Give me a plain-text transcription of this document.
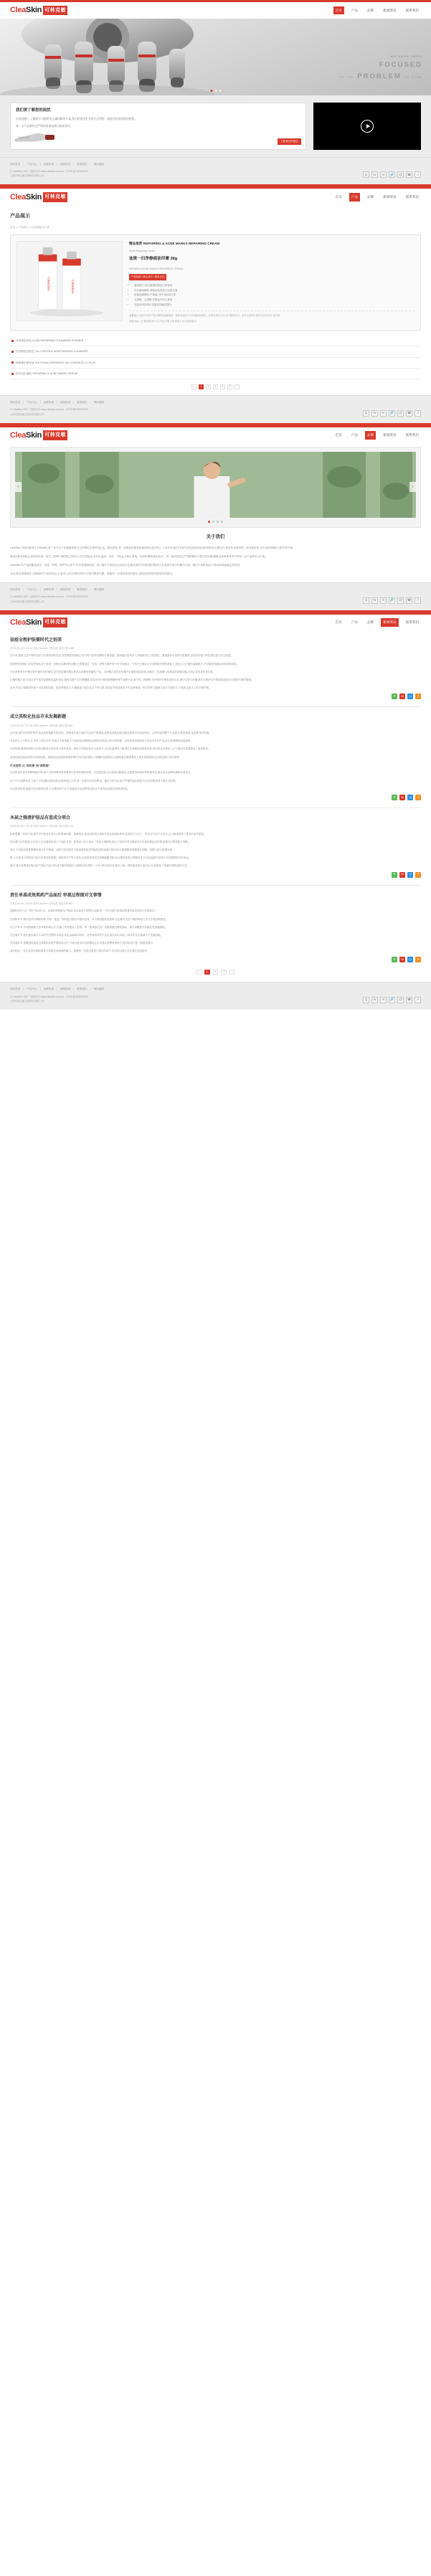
CleaSkin 可林克敏	首页	产品	品牌	新闻资讯	联系我们
WE HAVE BEEN
FOCUSED
ON THE PROBLEM OF ACNE
我们要了解您的困扰

皮肤问题上,了解您才可能给出正确的解决方案,我们希望用专业的方式和您一起面对痘痘肌肤的困扰。

每一支产品都经过严格的质量检测与临床验证。

SAME OLD
了解我们的理念
网站首页 | 产品中心 | 品牌故事 | 新闻资讯 | 联系我们 | 网站地图
© CleaSkin 2017 · 版权所有 www.cleaskin.com.cn · 沪ICP备00000000号
上海可林克敏生物科技有限公司	Q	W	✉	🔗	@	☎	↗
CleaSkin 可林克敏	首页	产品	品牌	新闻资讯	联系我们
产品展示
首页 > 产品展示 > 祛痘修复类产品
CleaSkin	CleaSkin
精品推荐 REPAIRING & ACNE MARKS REPAIRING CREAM
Acne Repairing Cream
祛斑一扫净修痕祛印膏 30g
REPAIR & ACNE MARKS REPAIRING CREAM
产品优势 / 核心成分 / 使用方法
• 温和配方,适合敏感性肌肤日常使用
• 含有植物精粹,帮助淡化痘痕与色素沉着
• 快速渗透吸收,不黏腻,可作为妆前打底
• 无酒精、无香精,孕期也可安心使用
• 连续使用四周可见肌肤细腻度提升
温馨提示:本品为外用产品,请避免接触眼部。使用前请先于耳后做皮肤测试。开封后请在12个月内使用完毕。如有不适请立即停用并咨询专业医师。
规格:30g / 支 保质期:36个月 产地:中国上海 批准文号:沪妆网备字
祛痘修复套装 ACNE REPAIRING CLEANSING POWDER
控油保湿洁面乳 OIL-CONTROL MOISTURIZING CLEANSER
舒缓修护精华液 SOOTHING REPAIRING GEL ESSENCE 2.0 PLUS
痘印淡化凝胶 REPAIRING & ACNE MARKS SERUM
‹	1	2	3	4	5	›
网站首页 | 产品中心 | 品牌故事 | 新闻资讯 | 联系我们 | 网站地图
© CleaSkin 2017 · 版权所有 www.cleaskin.com.cn · 沪ICP备00000000号
上海可林克敏生物科技有限公司	Q	W	✉	🔗	@	☎	↗
CleaSkin 可林克敏	首页	产品	品牌	新闻资讯	联系我们
‹	›
关于我们

CleaSkin 可林克敏成立于2008年,是一家专注于问题肌肤研究与护理的生物科技企业。我们坚信,每一次肌肤的困扰都值得被认真对待。十余年来,我们与国内多家皮肤科临床机构保持长期合作,把实验室里的每一项发现转化为可以被信赖的日常护理方案。

我们的研发团队由皮肤科医师、配方工程师与植物化学研究人员共同组成,坚持以温和、有效、可验证为核心原则。从原料溯源到成品出厂,每一批次都经过严格的理化与微生物检测,确保送到消费者手中的每一支产品都安全可靠。

CleaSkin 的产品线覆盖清洁、控油、舒缓、修护四大环节,针对青春期痘痘、成人期压力性痘痘以及痘后色素沉着等不同阶段的肌肤状态,提供分层次的解决方案。我们不承诺奇迹,只承诺持续而稳定的改善。

未来,我们将继续投入基础研究与临床验证,让更多人可以用科学的方式面对肌肤问题。感谢每一位选择我们的朋友,也欢迎您把使用感受告诉我们。

网站首页 | 产品中心 | 品牌故事 | 新闻资讯 | 联系我们 | 网站地图
© CleaSkin 2017 · 版权所有 www.cleaskin.com.cn · 沪ICP备00000000号
上海可林克敏生物科技有限公司	Q	W	✉	🔗	@	☎	↗
CleaSkin 可林克敏	首页	产品	品牌	新闻资讯	联系我们
祛痘全程护肤需时代之别美
发布时间:2017-08-14 来源:CleaSkin 可林克敏 浏览次数:1286

近年来,随着生活节奏的加快与饮食结构的变化,痘痘肌肤的困扰已经不再只是青春期的专属话题。越来越多的成年人开始面对压力性痘痘、激素波动引起的反复爆发,以及痘后留下的色素沉着与凹凸痕迹。

皮肤科医师指出,祛痘护理从来不是单一步骤可以解决的问题,它需要清洁、控油、舒缓与修护四个环节的配合。只有在正确认识自身肌肤类型的基础上,选择与之匹配的温和配方,才可能获得稳定而持续的改善。

许多消费者在护理过程中最常犯的错误,是在痘痘爆发期过度清洁或使用刺激性产品。这种做法虽然在短期内让肌肤感觉清爽,却破坏了皮脂膜与角质层的屏障功能,反而让痘痘更容易反复。

正确的做法是:在清洁环节选择氨基酸类温和表活,避免皂基产生的紧绷感;在控油环节借助植物精粹调节油脂分泌,而不是一味吸附;在舒缓环节降低炎症反应,减少红肿与疼痛;最后在修护环节帮助痘痕淡化与肌肤纹理的重建。

此外,作息与情绪同样是不可忽视的因素。临床观察显示,长期熬夜与高压状态下的人群,痘痘复发率显著高于作息规律者。科学护肤与健康生活方式相结合,才是真正意义上的全程护理。

✆	W	Q	↗
成立美粒化妆品市未发揭新题
发布时间:2017-07-28 来源:CleaSkin 可林克敏 浏览次数:964

近年来,国内功效型护肤市场呈现快速增长的态势。消费者对成分表的关注度不断提高,品牌也被推动着从概念营销走向实证研究。这种转变对整个行业而言,既是挑战,也是难得的机遇。

有业内人士分析认为,未来三到五年内,具备自主研发能力与临床验证数据的品牌将获得更大的市场份额。单纯依靠渠道投放与包装设计的产品,其生命周期将明显缩短。

在原料端,植物提取物与生物发酵成分的应用正逐步成熟。相比于传统的化学合成成分,它们在温和性与耐受性方面展现出明显优势,但同时也对提取工艺与稳定性控制提出了更高要求。

监管层面的规范同样在持续加强。新版化妆品监督管理条例对功效宣称提出了明确的证据要求,这意味着品牌需要投入更多资源建设自己的检测与评价体系。

行业趋势:从"讲故事"到"拿数据"

过去的宣传更多依赖情绪共鸣,而今天的消费者希望看到可复现的测试结果。无论是皮肤含水量的仪器测定,还是使用四周后的影像对比,都在成为品牌沟通的标准语言。

对于中小品牌来说,与第三方检测机构和医院皮肤科建立合作,是一条相对务实的路径。通过小样本但设计严谨的临床观察,可以在有限预算下建立可信度。

可以预见的是,随着评价体系的完善,行业整体的产品力将被抬升,而消费者也将从中获得更加真实的使用体验。

✆	W	Q	↗
本届之强清护肤品有查成分项合
发布时间:2017-06-19 来源:CleaSkin 可林克敏 浏览次数:1107

如何看懂一份成分表,是许多护肤爱好者关心的基础问题。按照规定,化妆品的成分需按含量从高到低排列,含量低于百分之一的成分可以不分先后,这为阅读提供了基本的参考框架。

首先要关注的是前五位成分,它们通常构成了产品的主体。如果前几位只是水、甘油与增稠剂,那么产品的功效大概率来自后续的微量活性物,需要结合整体配方判断。

其次,不同肤质需要警惕的成分并不相同。油性与痘痘肌应当留意某些致痘风险较高的油脂与硅类成分;敏感肌则需要避开酒精、香精与部分防腐体系。

第三,活性成分的浓度与配方体系同样重要。高浓度并不等于高效,过高的浓度往往伴随刺激风险;而合理的复配与缓释技术,可以在温和的前提下实现理想的功效表达。

最后,建议消费者在购买新产品时,先在耳后或手腕内侧进行小面积试用,观察二十四小时后再决定是否上脸。理性阅读成分表,结合自身感受,才是最可靠的选择方式。

✆	W	Q	↗
责任单基成效类药产品面后 审视过程图对文事情
发布时间:2017-05-30 来源:CleaSkin 可林克敏 浏览次数:853

品牌的责任不止于把产品卖出去。从原料采购到生产制造,从包装设计到售后沟通,每一个环节都关系到消费者的真实体验与长期信任。

在原料环节,我们坚持可溯源采购,对每一批进厂原料进行检验并留样备查。对于植物提取类原料,还会额外关注产地的种植方式与农残控制情况。

在生产环节,车间按照相关洁净度标准运行,关键工序设置双人复核。每一批成品在出厂前都需通过理化指标、微生物限度以及稳定性加速测试。

在包装环节,我们逐步减少多余的外层塑料与纸盒,优化运输缓冲材料。这些改动虽然不会出现在宣传页面上,却实实在在地减少了资源消耗。

在沟通环节,客服团队接受过基础的皮肤护理培训,对于不适合使用本品的情况会主动建议消费者咨询专业医师,而不是一味推荐购买。

我们相信,一家企业的长期价值来自持续兑现承诺的能力。感谢每一位提出意见与建议的用户,你们的反馈正在让我们变得更好。

✆	W	Q	↗
‹	1	2	3	›
网站首页 | 产品中心 | 品牌故事 | 新闻资讯 | 联系我们 | 网站地图
© CleaSkin 2017 · 版权所有 www.cleaskin.com.cn · 沪ICP备00000000号
上海可林克敏生物科技有限公司	Q	W	✉	🔗	@	☎	↗
